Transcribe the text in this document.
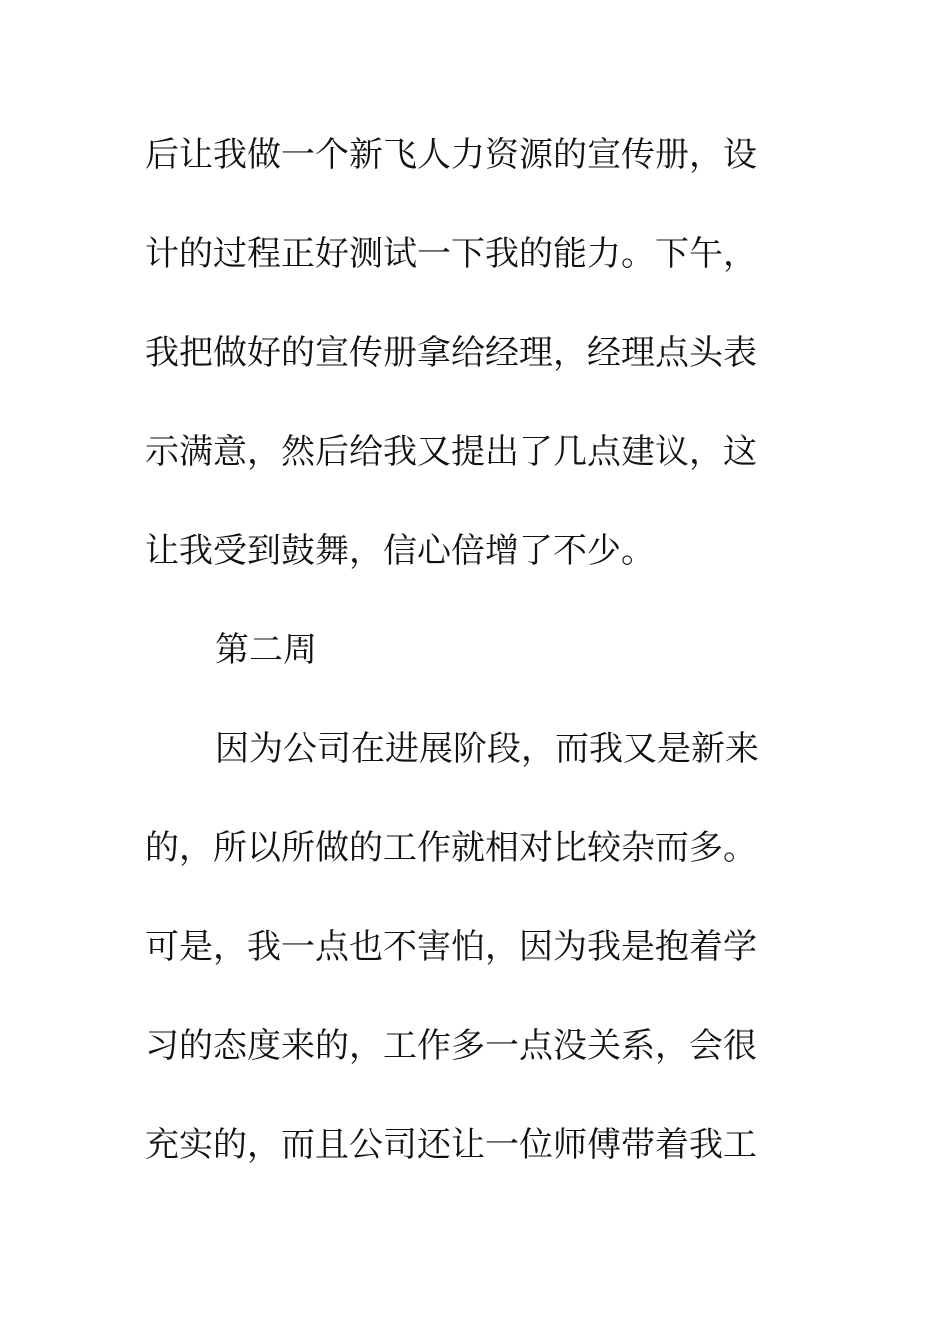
后让我做一个新飞人力资源的宣传册，设
计的过程正好测试一下我的能力。下午，
我把做好的宣传册拿给经理，经理点头表
示满意，然后给我又提出了几点建议，这
让我受到鼓舞，信心倍增了不少。
第二周
因为公司在进展阶段，而我又是新来
的，所以所做的工作就相对比较杂而多。
可是，我一点也不害怕，因为我是抱着学
习的态度来的，工作多一点没关系，会很
充实的，而且公司还让一位师傅带着我工
